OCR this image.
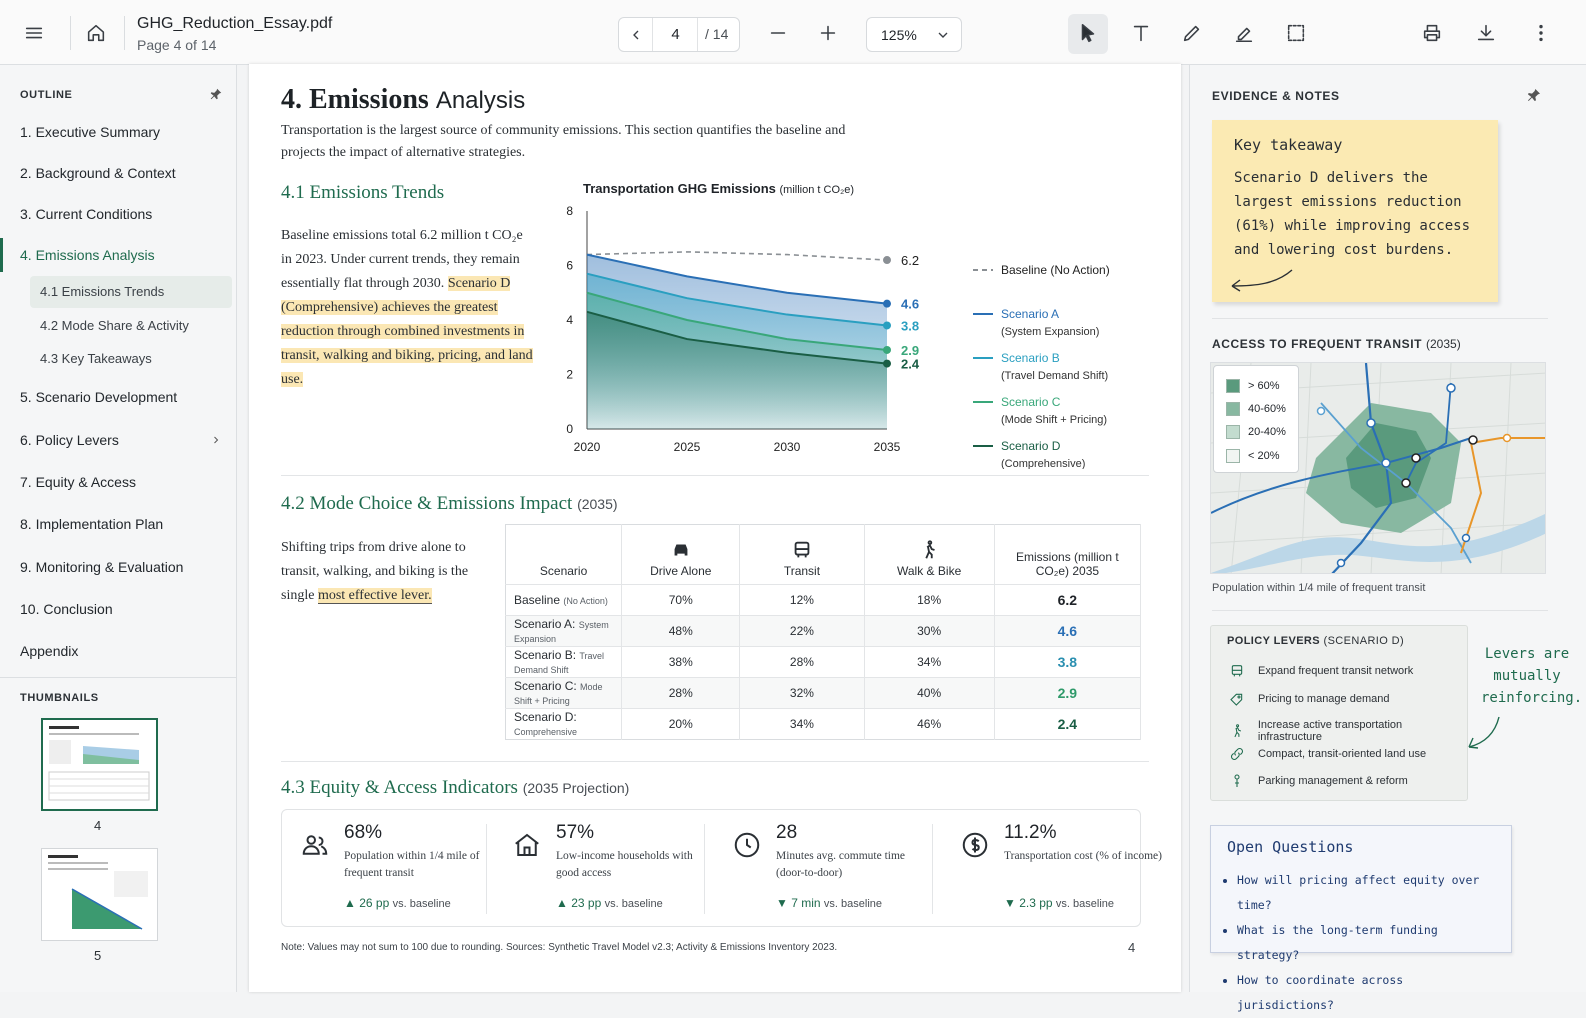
GHG_Reduction_Essay.pdf
Page 4 of 14
4	/ 14	125%
OUTLINE
1. Executive Summary
2. Background & Context
3. Current Conditions
4. Emissions Analysis
4.1 Emissions Trends
4.2 Mode Share & Activity
4.3 Key Takeaways
5. Scenario Development
6. Policy Levers
7. Equity & Access
8. Implementation Plan
9. Monitoring & Evaluation
10. Conclusion
Appendix
THUMBNAILS
4
5
4. Emissions Analysis
Transportation is the largest source of community emissions. This section quantifies the baseline and projects the impact of alternative strategies.
4.1 Emissions Trends
Baseline emissions total 6.2 million t CO₂e in 2023. Under current trends, they remain essentially flat through 2030. Scenario D (Comprehensive) achieves the greatest reduction through combined investments in transit, walking and biking, pricing, and land use.
Transportation GHG Emissions (million t CO₂e)
0
2
4
6
8
2020	2025	2030	2035
6.2
4.6
3.8
2.9
2.4
Baseline (No Action)
Scenario A
(System Expansion)
Scenario B
(Travel Demand Shift)
Scenario C
(Mode Shift + Pricing)
Scenario D
(Comprehensive)
4.2 Mode Choice & Emissions Impact (2035)
Shifting trips from drive alone to transit, walking, and biking is the single most effective lever.
Scenario	Drive Alone	Transit	Walk & Bike	Emissions (million t CO₂e) 2035
Baseline (No Action)	70%	12%	18%	6.2
Scenario A: System Expansion	48%	22%	30%	4.6
Scenario B: Travel Demand Shift	38%	28%	34%	3.8
Scenario C: Mode Shift + Pricing	28%	32%	40%	2.9
Scenario D: Comprehensive	20%	34%	46%	2.4
4.3 Equity & Access Indicators (2035 Projection)
68%
Population within 1/4 mile of frequent transit
▲ 26 pp vs. baseline
57%
Low-income households with good access
▲ 23 pp vs. baseline
28
Minutes avg. commute time (door-to-door)
▼ 7 min vs. baseline
11.2%
Transportation cost (% of income)
▼ 2.3 pp vs. baseline
Note: Values may not sum to 100 due to rounding. Sources: Synthetic Travel Model v2.3; Activity & Emissions Inventory 2023.	4
EVIDENCE & NOTES
Key takeaway
Scenario D delivers the largest emissions reduction (61%) while improving access and lowering cost burdens.
ACCESS TO FREQUENT TRANSIT (2035)
> 60%
40-60%
20-40%
< 20%
Population within 1/4 mile of frequent transit
POLICY LEVERS (SCENARIO D)
Expand frequent transit network
Pricing to manage demand
Increase active transportation infrastructure
Compact, transit-oriented land use
Parking management & reform
Levers are mutually reinforcing.
Open Questions
• How will pricing affect equity over time?
• What is the long-term funding strategy?
• How to coordinate across jurisdictions?
